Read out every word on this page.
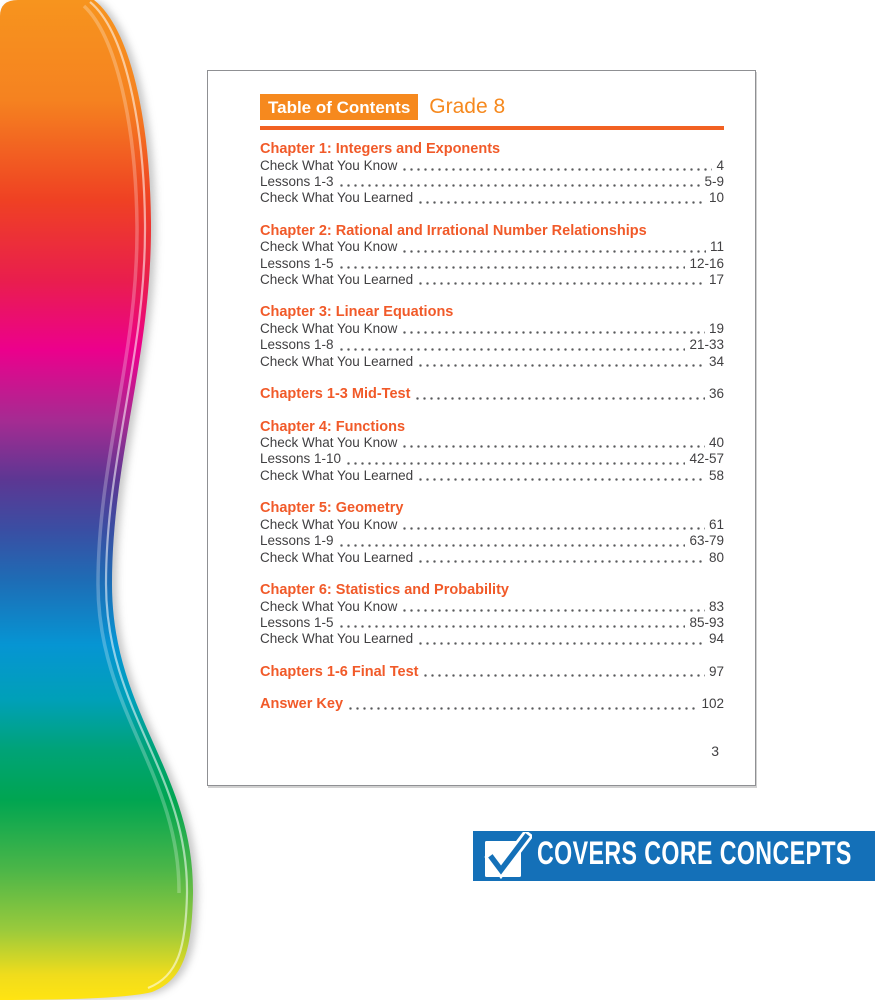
Table of Contents Grade 8
Chapter 1: Integers and Exponents
Check What You Know	4
Lessons 1-3	5-9
Check What You Learned	10
Chapter 2: Rational and Irrational Number Relationships
Check What You Know	11
Lessons 1-5	12-16
Check What You Learned	17
Chapter 3: Linear Equations
Check What You Know	19
Lessons 1-8	21-33
Check What You Learned	34
Chapters 1-3 Mid-Test	36
Chapter 4: Functions
Check What You Know	40
Lessons 1-10	42-57
Check What You Learned	58
Chapter 5: Geometry
Check What You Know	61
Lessons 1-9	63-79
Check What You Learned	80
Chapter 6: Statistics and Probability
Check What You Know	83
Lessons 1-5	85-93
Check What You Learned	94
Chapters 1-6 Final Test	97
Answer Key	102
3
COVERS CORE CONCEPTS
